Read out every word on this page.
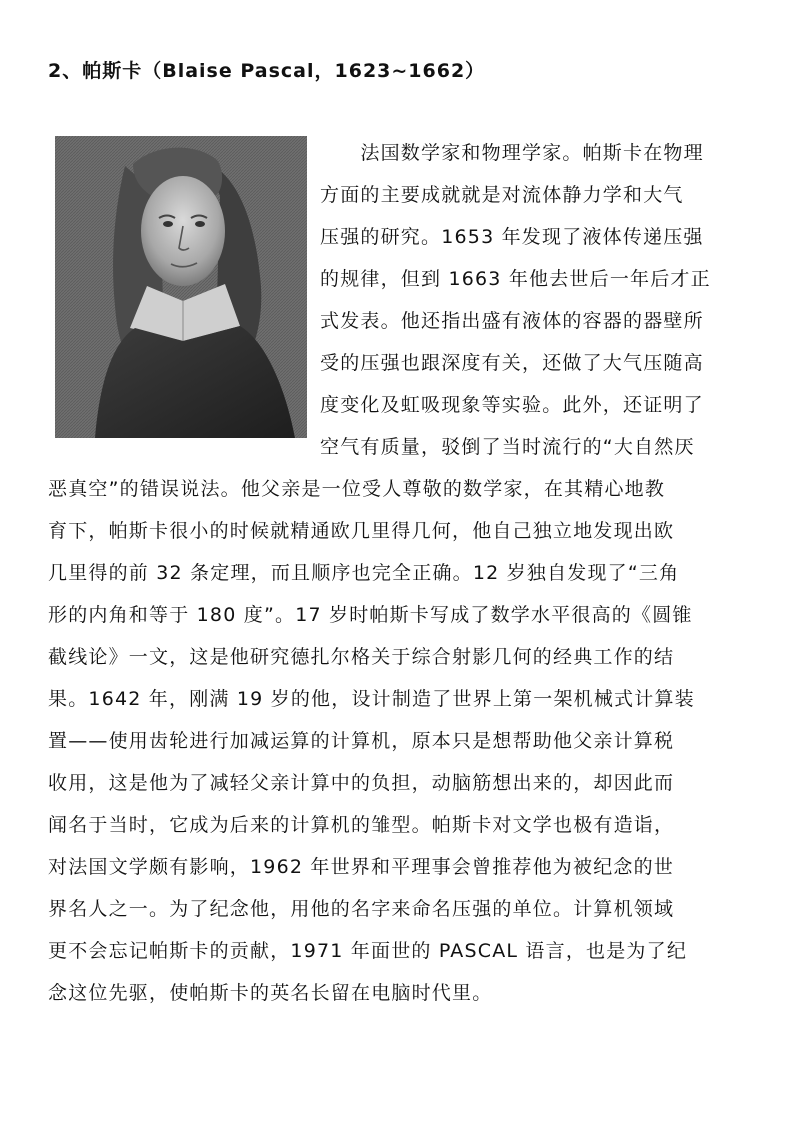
2、帕斯卡（Blaise Pascal，1623~1662）
　　法国数学家和物理学家。帕斯卡在物理
方面的主要成就就是对流体静力学和大气
压强的研究。1653 年发现了液体传递压强
的规律，但到 1663 年他去世后一年后才正
式发表。他还指出盛有液体的容器的器壁所
受的压强也跟深度有关，还做了大气压随高
度变化及虹吸现象等实验。此外，还证明了
空气有质量，驳倒了当时流行的“大自然厌
恶真空”的错误说法。他父亲是一位受人尊敬的数学家，在其精心地教
育下，帕斯卡很小的时候就精通欧几里得几何，他自己独立地发现出欧
几里得的前 32 条定理，而且顺序也完全正确。12 岁独自发现了“三角
形的内角和等于 180 度”。17 岁时帕斯卡写成了数学水平很高的《圆锥
截线论》一文，这是他研究德扎尔格关于综合射影几何的经典工作的结
果。1642 年，刚满 19 岁的他，设计制造了世界上第一架机械式计算装
置——使用齿轮进行加减运算的计算机，原本只是想帮助他父亲计算税
收用，这是他为了减轻父亲计算中的负担，动脑筋想出来的，却因此而
闻名于当时，它成为后来的计算机的雏型。帕斯卡对文学也极有造诣，
对法国文学颇有影响，1962 年世界和平理事会曾推荐他为被纪念的世
界名人之一。为了纪念他，用他的名字来命名压强的单位。计算机领域
更不会忘记帕斯卡的贡献，1971 年面世的 PASCAL 语言，也是为了纪
念这位先驱，使帕斯卡的英名长留在电脑时代里。
